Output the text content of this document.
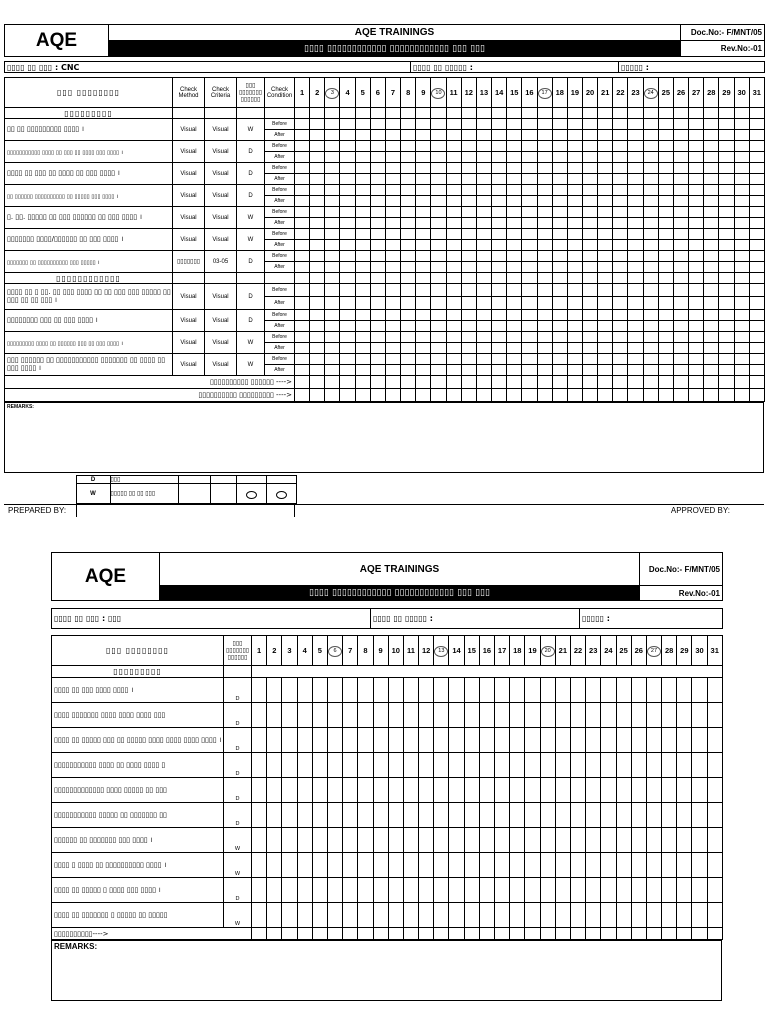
AQE	AQE TRAININGS	Doc.No:- F/MNT/05
	▯▯▯▯ ▯▯▯▯▯▯▯▯▯▯▯▯ ▯▯▯▯▯▯▯▯▯▯▯▯ ▯▯▯ ▯▯▯	Rev.No:-01
▯▯▯▯ ▯▯ ▯▯▯ : CNC	▯▯▯▯ ▯▯ ▯▯▯▯▯ :	▯▯▯▯▯ :
▯▯▯ ▯▯▯▯▯▯▯▯	Check Method	Check Criteria	▯▯▯ ▯▯▯▯▯▯▯ ▯▯▯▯▯▯	Check Condition	1	2	3	4	5	6	7	8	9	10	11	12	13	14	15	16	17	18	19	20	21	22	23	24	25	26	27	28	29	30	31
▯▯▯▯▯▯▯▯▯																																			
▯▯ ▯▯ ▯▯▯▯▯▯▯▯▯ ▯▯▯▯ ।	Visual	Visual	W	Before																															
				After																															
▯▯▯▯▯▯▯▯▯▯▯ ▯▯▯▯ ▯▯ ▯▯▯ ▯▯ ▯▯▯▯ ▯▯▯ ▯▯▯▯ ।	Visual	Visual	D	Before																															
				After																															
▯▯▯▯ ▯▯ ▯▯▯ ▯▯ ▯▯▯▯ ▯▯ ▯▯▯ ▯▯▯▯ ।	Visual	Visual	D	Before																															
				After																															
▯▯ ▯▯▯▯▯▯ ▯▯▯▯▯▯▯▯▯▯ ▯▯ ▯▯▯▯▯ ▯▯▯ ▯▯▯▯ ।	Visual	Visual	D	Before																															
				After																															
▯. ▯▯. ▯▯▯▯▯ ▯▯ ▯▯▯ ▯▯▯▯▯▯ ▯▯ ▯▯▯ ▯▯▯▯ ।	Visual	Visual	W	Before																															
				After																															
▯▯▯▯▯▯▯ ▯▯▯▯/▯▯▯▯▯▯ ▯▯ ▯▯▯ ▯▯▯▯ ।	Visual	Visual	W	Before																															
				After																															
▯▯▯▯▯▯▯ ▯▯ ▯▯▯▯▯▯▯▯▯▯ ▯▯▯ ▯▯▯▯▯ ।	▯▯▯▯▯▯▯	03-05	D	Before																															
				After																															
▯▯▯▯▯▯▯▯▯▯▯▯																																			
▯▯▯▯ ▯▯ ▯ ▯▯. ▯▯ ▯▯▯ ▯▯▯▯ ▯▯ ▯▯ ▯▯▯ ▯▯▯ ▯▯▯▯▯ ▯▯ ▯▯▯ ▯▯ ▯▯ ▯▯▯ ।	Visual	Visual	D	Before																															
				After																															
▯▯▯▯▯▯▯▯ ▯▯▯ ▯▯ ▯▯▯ ▯▯▯▯ ।	Visual	Visual	D	Before																															
				After																															
▯▯▯▯▯▯▯▯▯ ▯▯▯▯ ▯▯ ▯▯▯▯▯▯ ▯▯▯ ▯▯ ▯▯▯ ▯▯▯▯ ।	Visual	Visual	W	Before																															
				After																															
▯▯▯ ▯▯▯▯▯▯ ▯▯ ▯▯▯▯▯▯▯▯▯▯▯ ▯▯▯▯▯▯▯ ▯▯ ▯▯▯▯ ▯▯ ▯▯▯ ▯▯▯▯ ।	Visual	Visual	W	Before																															
				After																															
▯▯▯▯▯▯▯▯▯▯ ▯▯▯▯▯▯ ---->																																			
▯▯▯▯▯▯▯▯▯▯ ▯▯▯▯▯▯▯▯▯ ---->																																			
REMARKS:
	D	▯▯▯					
	W	▯▯▯▯▯ ▯▯ ▯▯ ▯▯▯					
PREPARED BY:		APPROVED BY:
AQE	AQE TRAININGS	Doc.No:- F/MNT/05
	▯▯▯▯ ▯▯▯▯▯▯▯▯▯▯▯▯ ▯▯▯▯▯▯▯▯▯▯▯▯ ▯▯▯ ▯▯▯	Rev.No:-01
▯▯▯▯ ▯▯ ▯▯▯ : ▯▯▯	▯▯▯▯ ▯▯ ▯▯▯▯▯ :	▯▯▯▯▯ :
▯▯▯ ▯▯▯▯▯▯▯▯	▯▯▯ ▯▯▯▯▯▯▯ ▯▯▯▯▯▯	1	2	3	4	5	6	7	8	9	10	11	12	13	14	15	16	17	18	19	20	21	22	23	24	25	26	27	28	29	30	31
▯▯▯▯▯▯▯▯▯																																
▯▯▯▯ ▯▯ ▯▯▯ ▯▯▯▯ ▯▯▯▯ ।	D																															
▯▯▯▯ ▯▯▯▯▯▯▯ ▯▯▯▯ ▯▯▯▯ ▯▯▯▯ ▯▯▯	D																															
▯▯▯▯ ▯▯ ▯▯▯▯▯ ▯▯▯ ▯▯ ▯▯▯▯▯ ▯▯▯▯ ▯▯▯▯ ▯▯▯▯ ▯▯▯▯ ।	D																															
▯▯▯▯▯▯▯▯▯▯▯ ▯▯▯▯ ▯▯ ▯▯▯▯ ▯▯▯▯ ▯	D																															
▯▯▯▯▯▯▯▯▯▯▯▯▯ ▯▯▯▯ ▯▯▯▯▯ ▯▯ ▯▯▯	D																															
▯▯▯▯▯▯▯▯▯▯▯ ▯▯▯▯▯ ▯▯ ▯▯▯▯▯▯▯ ▯▯	D																															
▯▯▯▯▯▯ ▯▯ ▯▯▯▯▯▯▯ ▯▯▯ ▯▯▯▯ ।	W																															
▯▯▯▯ ▯ ▯▯▯▯ ▯▯ ▯▯▯▯▯▯▯▯▯▯ ▯▯▯▯ ।	W																															
▯▯▯▯ ▯▯ ▯▯▯▯▯ ▯ ▯▯▯▯ ▯▯▯ ▯▯▯▯ ।	D																															
▯▯▯▯ ▯▯ ▯▯▯▯▯▯▯ ▯ ▯▯▯▯▯ ▯▯ ▯▯▯▯▯	W																															
▯▯▯▯▯▯▯▯▯▯---->																																
REMARKS:
